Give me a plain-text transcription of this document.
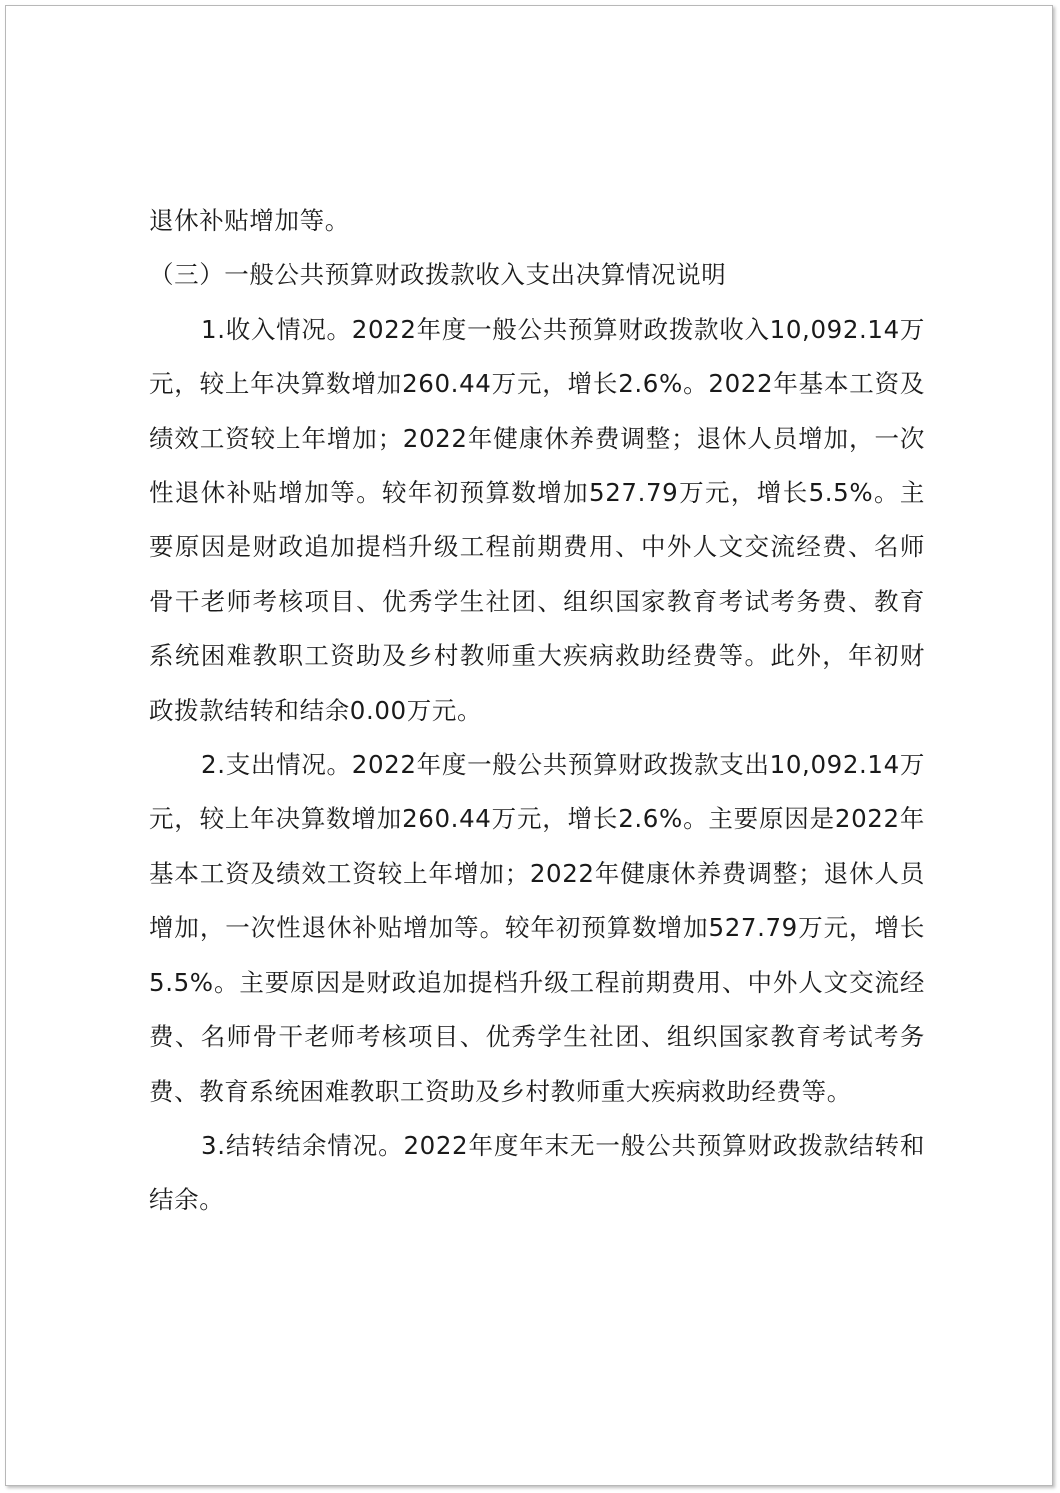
退休补贴增加等。

（三）一般公共预算财政拨款收入支出决算情况说明

1.收入情况。2022年度一般公共预算财政拨款收入10,092.14万元，较上年决算数增加260.44万元，增长2.6%。2022年基本工资及绩效工资较上年增加；2022年健康休养费调整；退休人员增加，一次性退休补贴增加等。较年初预算数增加527.79万元，增长5.5%。主要原因是财政追加提档升级工程前期费用、中外人文交流经费、名师骨干老师考核项目、优秀学生社团、组织国家教育考试考务费、教育系统困难教职工资助及乡村教师重大疾病救助经费等。此外，年初财政拨款结转和结余0.00万元。

2.支出情况。2022年度一般公共预算财政拨款支出10,092.14万元，较上年决算数增加260.44万元，增长2.6%。主要原因是2022年基本工资及绩效工资较上年增加；2022年健康休养费调整；退休人员增加，一次性退休补贴增加等。较年初预算数增加527.79万元，增长5.5%。主要原因是财政追加提档升级工程前期费用、中外人文交流经费、名师骨干老师考核项目、优秀学生社团、组织国家教育考试考务费、教育系统困难教职工资助及乡村教师重大疾病救助经费等。

3.结转结余情况。2022年度年末无一般公共预算财政拨款结转和结余。
